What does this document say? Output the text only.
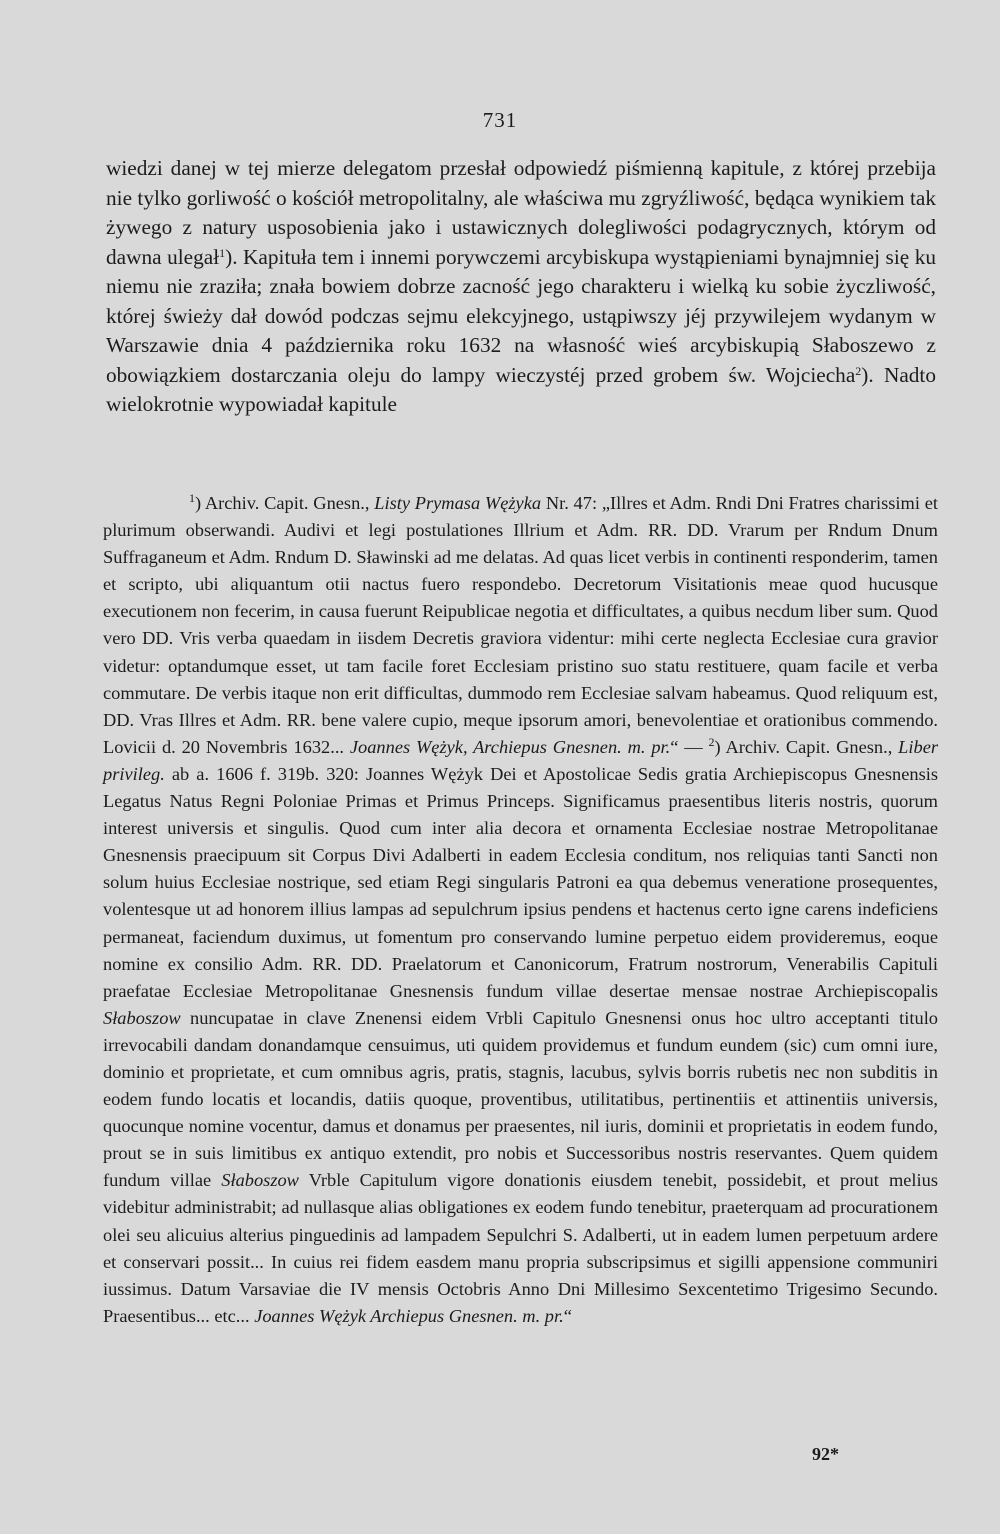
731

wiedzi danej w tej mierze delegatom przesłał odpowiedź piśmienną kapitule, z której przebija nie tylko gorliwość o kościół metropolitalny, ale właściwa mu zgryźliwość, będąca wynikiem tak żywego z natury usposobienia jako i ustawicznych dolegliwości podagrycznych, którym od dawna ulegał$^1$). Kapituła tem i innemi porywczemi arcybiskupa wystąpieniami bynajmniej się ku niemu nie zraziła; znała bowiem dobrze zacność jego charakteru i wielką ku sobie życzliwość, której świeży dał dowód podczas sejmu elekcyjnego, ustąpiwszy jéj przywilejem wydanym w Warszawie dnia 4 października roku 1632 na własność wieś arcybiskupią Słaboszewo z obowiązkiem dostarczania oleju do lampy wieczystéj przed grobem św. Wojciecha$^2$). Nadto wielokrotnie wypowiadał kapitule

$^1$) Archiv. Capit. Gnesn., Listy Prymasa Wężyka Nr. 47: „Illres et Adm. Rndi Dni Fratres charissimi et plurimum obserwandi. Audivi et legi postulationes Illrium et Adm. RR. DD. Vrarum per Rndum Dnum Suffraganeum et Adm. Rndum D. Sławinski ad me delatas. Ad quas licet verbis in continenti responderim, tamen et scripto, ubi aliquantum otii nactus fuero respondebo. Decretorum Visitationis meae quod hucusque executionem non fecerim, in causa fuerunt Reipublicae negotia et difficultates, a quibus necdum liber sum. Quod vero DD. Vris verba quaedam in iisdem Decretis graviora videntur: mihi certe neglecta Ecclesiae cura gravior videtur: optandumque esset, ut tam facile foret Ecclesiam pristino suo statu restituere, quam facile et verba commutare. De verbis itaque non erit difficultas, dummodo rem Ecclesiae salvam habeamus. Quod reliquum est, DD. Vras Illres et Adm. RR. bene valere cupio, meque ipsorum amori, benevolentiae et orationibus commendo. Lovicii d. 20 Novembris 1632... Joannes Wężyk, Archiepus Gnesnen. m. pr.“ — $^2$) Archiv. Capit. Gnesn., Liber privileg. ab a. 1606 f. 319b. 320: Joannes Wężyk Dei et Apostolicae Sedis gratia Archiepiscopus Gnesnensis Legatus Natus Regni Poloniae Primas et Primus Princeps. Significamus praesentibus literis nostris, quorum interest universis et singulis. Quod cum inter alia decora et ornamenta Ecclesiae nostrae Metropolitanae Gnesnensis praecipuum sit Corpus Divi Adalberti in eadem Ecclesia conditum, nos reliquias tanti Sancti non solum huius Ecclesiae nostrique, sed etiam Regi singularis Patroni ea qua debemus veneratione prosequentes, volentesque ut ad honorem illius lampas ad sepulchrum ipsius pendens et hactenus certo igne carens indeficiens permaneat, faciendum duximus, ut fomentum pro conservando lumine perpetuo eidem provideremus, eoque nomine ex consilio Adm. RR. DD. Praelatorum et Canonicorum, Fratrum nostrorum, Venerabilis Capituli praefatae Ecclesiae Metropolitanae Gnesnensis fundum villae desertae mensae nostrae Archiepiscopalis Słaboszow nuncupatae in clave Znenensi eidem Vrbli Capitulo Gnesnensi onus hoc ultro acceptanti titulo irrevocabili dandam donandamque censuimus, uti quidem providemus et fundum eundem (sic) cum omni iure, dominio et proprietate, et cum omnibus agris, pratis, stagnis, lacubus, sylvis borris rubetis nec non subditis in eodem fundo locatis et locandis, datiis quoque, proventibus, utilitatibus, pertinentiis et attinentiis universis, quocunque nomine vocentur, damus et donamus per praesentes, nil iuris, dominii et proprietatis in eodem fundo, prout se in suis limitibus ex antiquo extendit, pro nobis et Successoribus nostris reservantes. Quem quidem fundum villae Słaboszow Vrble Capitulum vigore donationis eiusdem tenebit, possidebit, et prout melius videbitur administrabit; ad nullasque alias obligationes ex eodem fundo tenebitur, praeterquam ad procurationem olei seu alicuius alterius pinguedinis ad lampadem Sepulchri S. Adalberti, ut in eadem lumen perpetuum ardere et conservari possit... In cuius rei fidem easdem manu propria subscripsimus et sigilli appensione communiri iussimus. Datum Varsaviae die IV mensis Octobris Anno Dni Millesimo Sexcentetimo Trigesimo Secundo. Praesentibus... etc... Joannes Wężyk Archiepus Gnesnen. m. pr.“

92*
